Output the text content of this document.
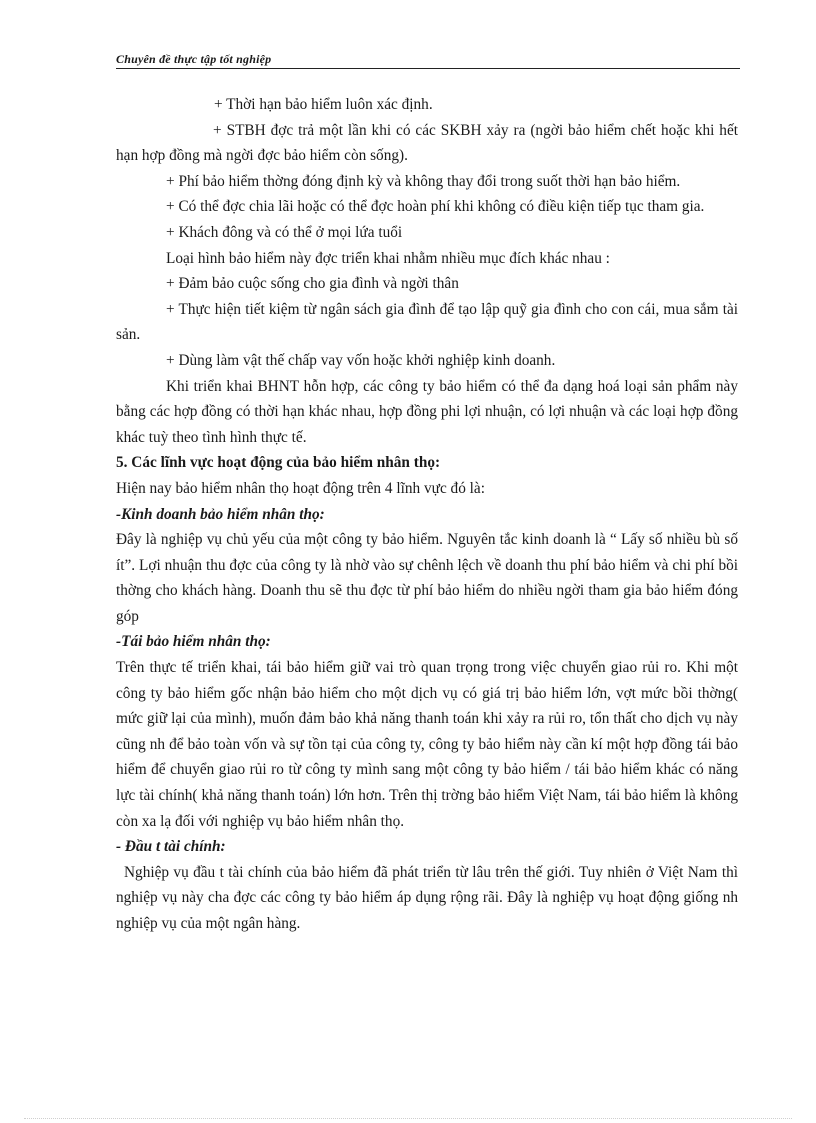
Chuyên đề thực tập tốt nghiệp

+ Thời hạn bảo hiểm luôn xác định.

+ STBH đợc trả một lần khi có các SKBH xảy ra (ngời bảo hiểm chết hoặc khi hết hạn hợp đồng mà ngời đợc bảo hiểm còn sống).

+ Phí bảo hiểm thờng đóng định kỳ và không thay đổi trong suốt thời hạn bảo hiểm.

+ Có thể đợc chia lãi hoặc có thể đợc hoàn phí khi không có điều kiện tiếp tục tham gia.

+ Khách đông và có thể ở mọi lứa tuổi

Loại hình bảo hiểm này đợc triển khai nhằm nhiều mục đích khác nhau :

+ Đảm bảo cuộc sống cho gia đình và ngời thân

+ Thực hiện tiết kiệm từ ngân sách gia đình để tạo lập quỹ gia đình cho con cái, mua sắm tài sản.

+ Dùng làm vật thế chấp vay vốn hoặc khởi nghiệp kinh doanh.

Khi triển khai BHNT hỗn hợp, các công ty bảo hiểm có thể đa dạng hoá loại sản phẩm này bằng các hợp đồng có thời hạn khác nhau, hợp đồng phi lợi nhuận, có lợi nhuận và các loại hợp đồng khác tuỳ theo tình hình thực tế.

5. Các lĩnh vực hoạt động của bảo hiểm nhân thọ:

Hiện nay bảo hiểm nhân thọ hoạt động trên 4 lĩnh vực đó là:

-Kinh doanh bảo hiểm nhân thọ:

Đây là nghiệp vụ chủ yếu của một công ty bảo hiểm. Nguyên tắc kinh doanh là “ Lấy số nhiều bù số ít”. Lợi nhuận thu đợc của công ty là nhờ vào sự chênh lệch về doanh thu phí bảo hiểm và chi phí bồi thờng cho khách hàng. Doanh thu sẽ thu đợc từ phí bảo hiểm do nhiều ngời tham gia bảo hiểm đóng góp

-Tái bảo hiểm nhân thọ:

Trên thực tế triển khai, tái bảo hiểm giữ vai trò quan trọng trong việc chuyển giao rủi ro. Khi một công ty bảo hiểm gốc nhận bảo hiểm cho một dịch vụ có giá trị bảo hiểm lớn, vợt mức bồi thờng( mức giữ lại của mình), muốn đảm bảo khả năng thanh toán khi xảy ra rủi ro, tổn thất cho dịch vụ này cũng nh để bảo toàn vốn và sự tồn tại của công ty, công ty bảo hiểm này cần kí một hợp đồng tái bảo hiểm để chuyển giao rủi ro từ công ty mình sang một công ty bảo hiểm / tái bảo hiểm khác có năng lực tài chính( khả năng thanh toán) lớn hơn. Trên thị trờng bảo hiểm Việt Nam, tái bảo hiểm là không còn xa lạ đối với nghiệp vụ bảo hiểm nhân thọ.

- Đầu t tài chính:

Nghiệp vụ đầu t tài chính của bảo hiểm đã phát triển từ lâu trên thế giới. Tuy nhiên ở Việt Nam thì nghiệp vụ này cha đợc các công ty bảo hiểm áp dụng rộng rãi. Đây là nghiệp vụ hoạt động giống nh nghiệp vụ của một ngân hàng.
